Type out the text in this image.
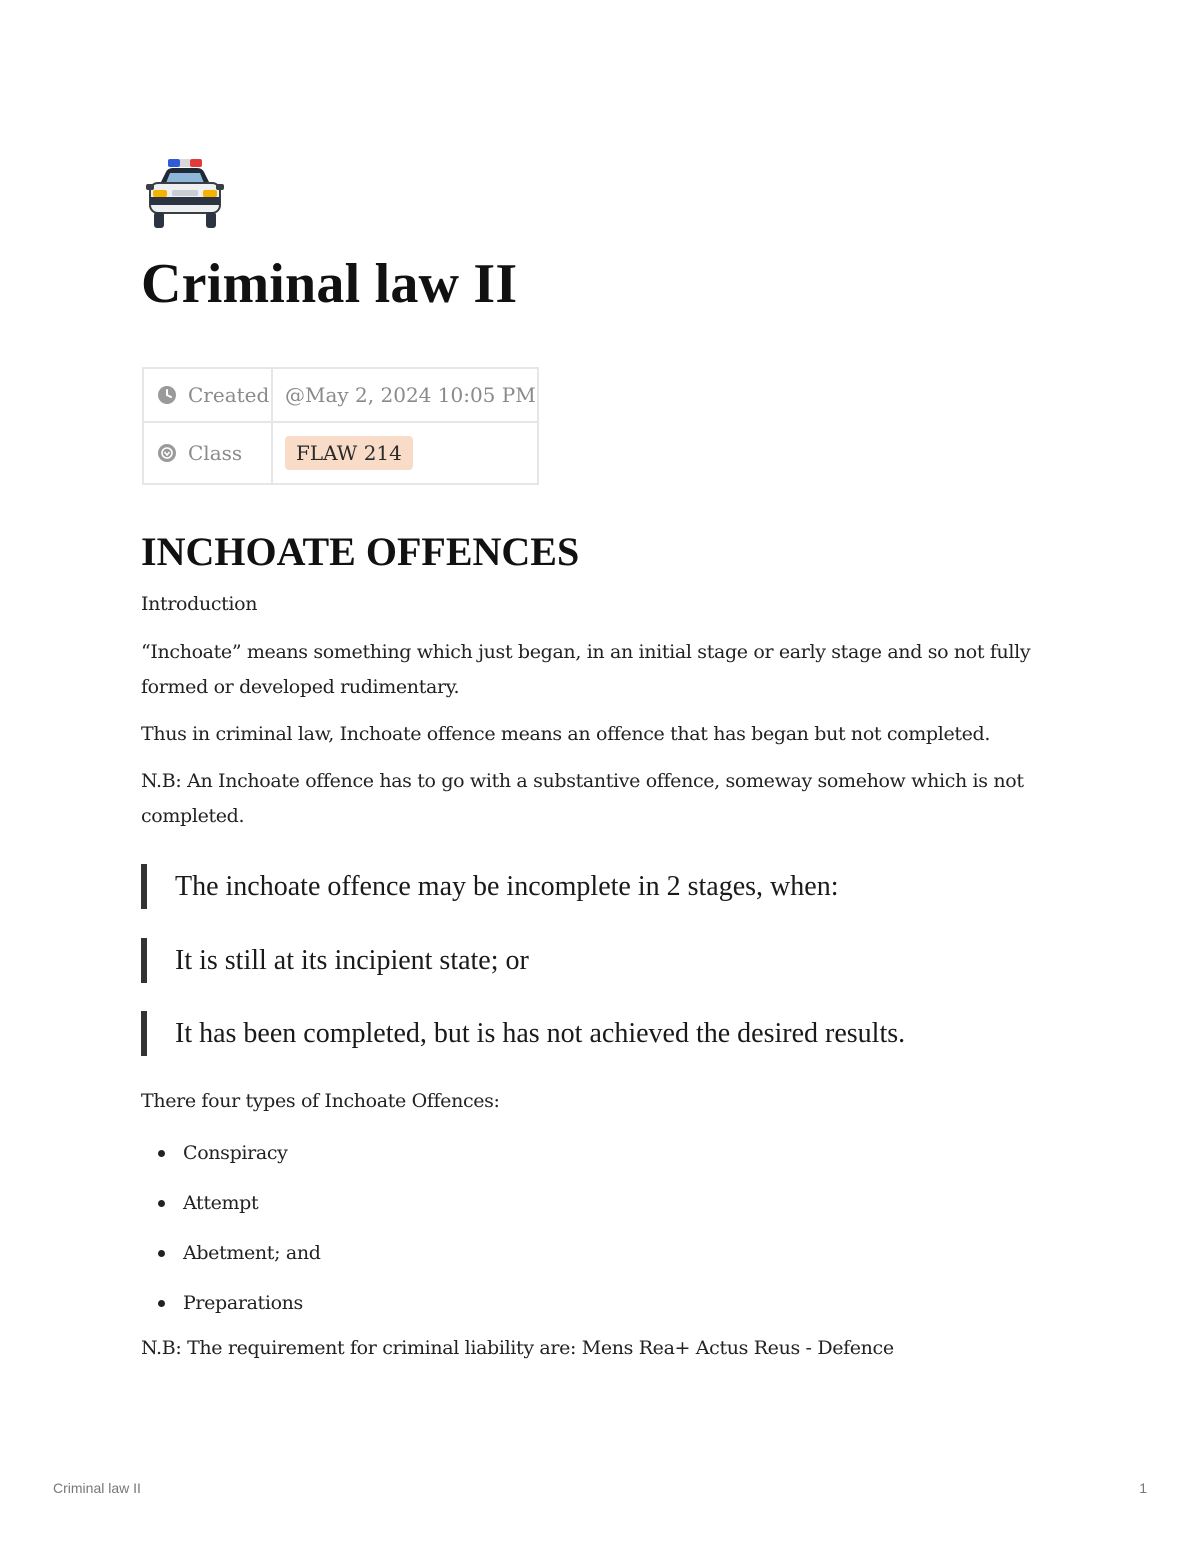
Criminal law II
Created	@May 2, 2024 10:05 PM

Class	FLAW 214
INCHOATE OFFENCES

Introduction

“Inchoate” means something which just began, in an initial stage or early stage and so not fully

formed or developed rudimentary.

Thus in criminal law, Inchoate offence means an offence that has began but not completed.

N.B: An Inchoate offence has to go with a substantive offence, someway somehow which is not

completed.

The inchoate offence may be incomplete in 2 stages, when:
It is still at its incipient state; or
It has been completed, but is has not achieved the desired results.

There four types of Inchoate Offences:

Conspiracy
Attempt
Abetment; and
Preparations

N.B: The requirement for criminal liability are: Mens Rea+ Actus Reus - Defence

Criminal law II	1
